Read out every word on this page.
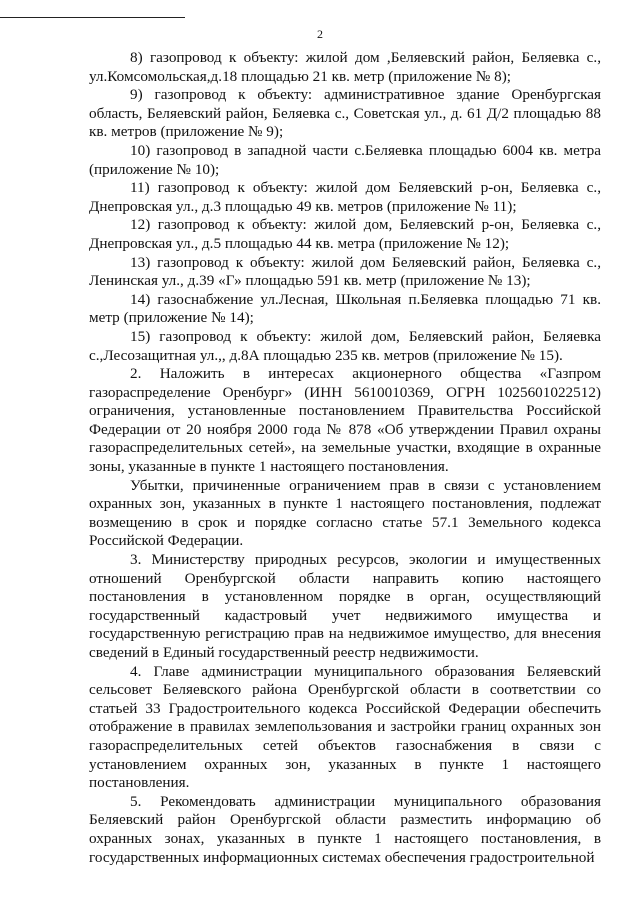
2

8) газопровод к объекту: жилой дом ,Беляевский район, Беляевка с., ул.Комсомольская,д.18 площадью 21 кв. метр (приложение № 8);

9) газопровод к объекту: административное здание Оренбургская область, Беляевский район, Беляевка с., Советская ул., д. 61 Д/2 площадью 88 кв. метров (приложение № 9);

10) газопровод в западной части с.Беляевка площадью 6004 кв. метра (приложение № 10);

11) газопровод к объекту: жилой дом Беляевский р-он, Беляевка с., Днепровская ул., д.3 площадью 49 кв. метров (приложение № 11);

12) газопровод к объекту: жилой дом, Беляевский р-он, Беляевка с., Днепровская ул., д.5 площадью 44 кв. метра (приложение № 12);

13) газопровод к объекту: жилой дом Беляевский район, Беляевка с., Ленинская ул., д.39 «Г» площадью 591 кв. метр (приложение № 13);

14) газоснабжение ул.Лесная, Школьная п.Беляевка площадью 71 кв. метр (приложение № 14);

15) газопровод к объекту: жилой дом, Беляевский район, Беляевка с.,Лесозащитная ул.,, д.8А площадью 235 кв. метров (приложение № 15).

2. Наложить в интересах акционерного общества «Газпром газораспределение Оренбург» (ИНН 5610010369, ОГРН 1025601022512) ограничения, установленные постановлением Правительства Российской Федерации от 20 ноября 2000 года № 878 «Об утверждении Правил охраны газораспределительных сетей», на земельные участки, входящие в охранные зоны, указанные в пункте 1 настоящего постановления.

Убытки, причиненные ограничением прав в связи с установлением охранных зон, указанных в пункте 1 настоящего постановления, подлежат возмещению в срок и порядке согласно статье 57.1 Земельного кодекса Российской Федерации.

3. Министерству природных ресурсов, экологии и имущественных отношений Оренбургской области направить копию настоящего постановления в установленном порядке в орган, осуществляющий государственный кадастровый учет недвижимого имущества и государственную регистрацию прав на недвижимое имущество, для внесения сведений в Единый государственный реестр недвижимости.

4. Главе администрации муниципального образования Беляевский сельсовет Беляевского района Оренбургской области в соответствии со статьей 33 Градостроительного кодекса Российской Федерации обеспечить отображение в правилах землепользования и застройки границ охранных зон газораспределительных сетей объектов газоснабжения в связи с установлением охранных зон, указанных в пункте 1 настоящего постановления.

5. Рекомендовать администрации муниципального образования Беляевский район Оренбургской области разместить информацию об охранных зонах, указанных в пункте 1 настоящего постановления, в государственных информационных системах обеспечения градостроительной
